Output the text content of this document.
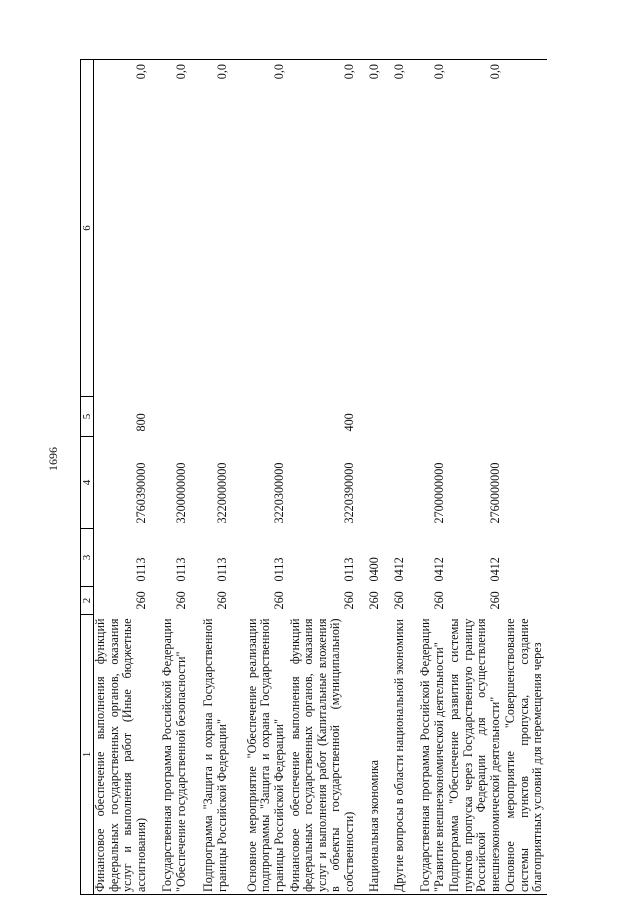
1696
1	2	3	4	5	6
Финансовое обеспечение выполнения функций федеральных государственных органов, оказания услуг и выполнения работ (Иные бюджетные ассигнования)	260	0113	2760390000	800	0,0
Государственная программа Российской Федерации "Обеспечение государственной безопасности"	260	0113	3200000000		0,0
Подпрограмма "Защита и охрана Государственной границы Российской Федерации"	260	0113	3220000000		0,0
Основное мероприятие "Обеспечение реализации подпрограммы "Защита и охрана Государственной границы Российской Федерации"	260	0113	3220300000		0,0
Финансовое обеспечение выполнения функций федеральных государственных органов, оказания услуг и выполнения работ (Капитальные вложения в объекты государственной (муниципальной) собственности)	260	0113	3220390000	400	0,0
Национальная экономика	260	0400			0,0
Другие вопросы в области национальной экономики	260	0412			0,0
Государственная программа Российской Федерации "Развитие внешнеэкономической деятельности"	260	0412	2700000000		0,0
Подпрограмма "Обеспечение развития системы пунктов пропуска через Государственную границу Российской Федерации для осуществления внешнеэкономической деятельности"	260	0412	2760000000		0,0
Основное мероприятие "Совершенствование системы пунктов пропуска, создание благоприятных условий для перемещения через					
